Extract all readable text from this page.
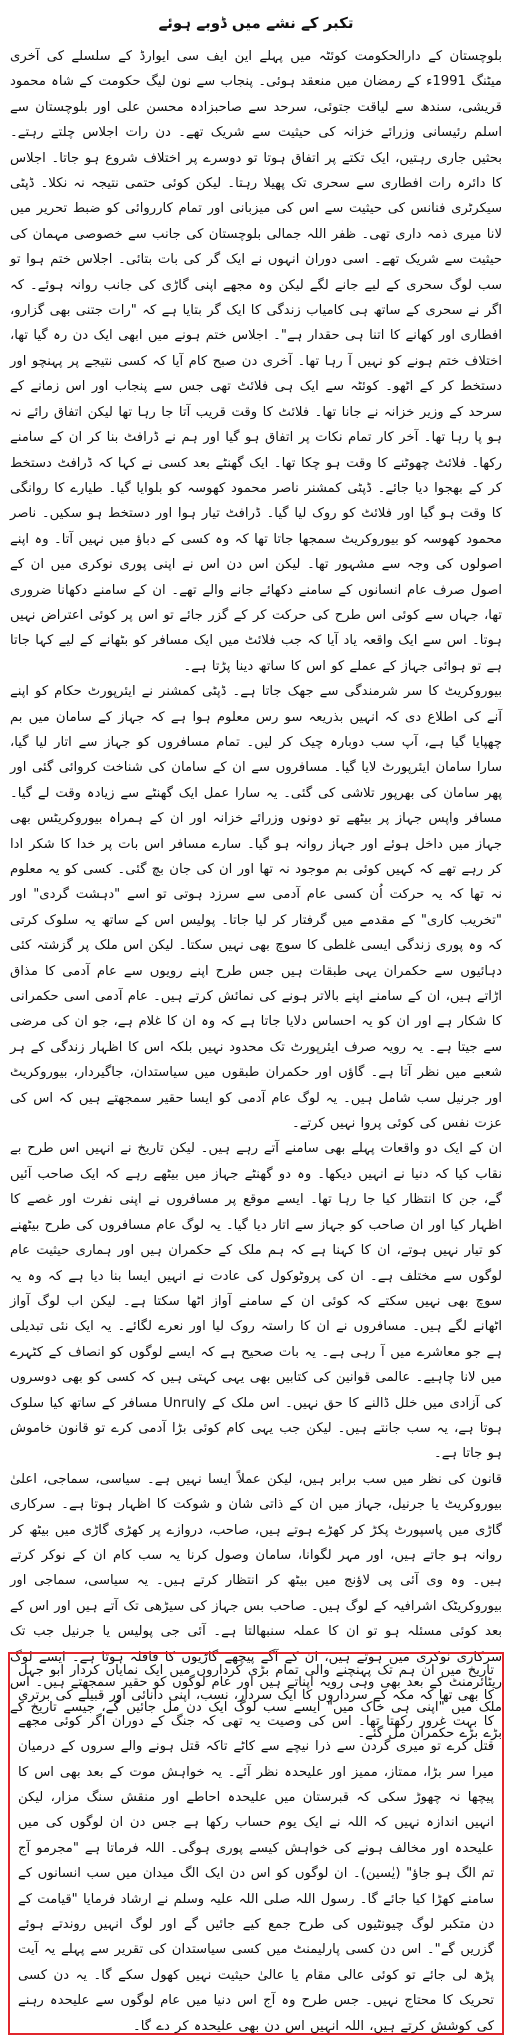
تکبر کے نشے میں ڈوبے ہوئے

بلوچستان کے دارالحکومت کوئٹہ میں پہلے این ایف سی ایوارڈ کے سلسلے کی آخری میٹنگ 1991ء کے رمضان میں منعقد ہوئی۔ پنجاب سے نون لیگ حکومت کے شاہ محمود قریشی، سندھ سے لیاقت جتوئی، سرحد سے صاحبزادہ محسن علی اور بلوچستان سے اسلم رئیسانی وزرائے خزانہ کی حیثیت سے شریک تھے۔ دن رات اجلاس چلتے رہتے۔ بحثیں جاری رہتیں، ایک تکتے پر اتفاق ہوتا تو دوسرے پر اختلاف شروع ہو جاتا۔ اجلاس کا دائرہ رات افطاری سے سحری تک پھیلا رہتا۔ لیکن کوئی حتمی نتیجہ نہ نکلا۔ ڈپٹی سیکرٹری فنانس کی حیثیت سے اس کی میزبانی اور تمام کارروائی کو ضبط تحریر میں لانا میری ذمہ داری تھی۔ ظفر اللہ جمالی بلوچستان کی جانب سے خصوصی مہمان کی حیثیت سے شریک تھے۔ اسی دوران انہوں نے ایک گر کی بات بتائی۔ اجلاس ختم ہوا تو سب لوگ سحری کے لیے جانے لگے لیکن وہ مجھے اپنی گاڑی کی جانب روانہ ہوئے۔ کہ اگر نے سحری کے ساتھ ہی کامیاب زندگی کا ایک گر بتایا ہے کہ "رات جتنی بھی گزارو، افطاری اور کھانے کا اتنا ہی حقدار ہے"۔ اجلاس ختم ہونے میں ابھی ایک دن رہ گیا تھا، اختلاف ختم ہونے کو نہیں آ رہا تھا۔ آخری دن صبح کام آیا کہ کسی نتیجے پر پہنچو اور دستخط کر کے اٹھو۔ کوئٹہ سے ایک ہی فلائٹ تھی جس سے پنجاب اور اس زمانے کے سرحد کے وزیر خزانہ نے جانا تھا۔ فلائٹ کا وقت قریب آتا جا رہا تھا لیکن اتفاق رائے نہ ہو پا رہا تھا۔ آخر کار تمام نکات پر اتفاق ہو گیا اور ہم نے ڈرافٹ بنا کر ان کے سامنے رکھا۔ فلائٹ چھوٹنے کا وقت ہو چکا تھا۔ ایک گھنٹے بعد کسی نے کہا کہ ڈرافٹ دستخط کر کے بھجوا دیا جائے۔ ڈپٹی کمشنر ناصر محمود کھوسہ کو بلوایا گیا۔ طیارے کا روانگی کا وقت ہو گیا اور فلائٹ کو روک لیا گیا۔ ڈرافٹ تیار ہوا اور دستخط ہو سکیں۔ ناصر محمود کھوسہ کو بیوروکریٹ سمجھا جاتا تھا کہ وہ کسی کے دباؤ میں نہیں آتا۔ وہ اپنے اصولوں کی وجہ سے مشہور تھا۔ لیکن اس دن اس نے اپنی پوری نوکری میں ان کے اصول صرف عام انسانوں کے سامنے دکھائے جانے والے تھے۔ ان کے سامنے دکھانا ضروری تھا، جہاں سے کوئی اس طرح کی حرکت کر کے گزر جائے تو اس پر کوئی اعتراض نہیں ہوتا۔ اس سے ایک واقعہ یاد آیا کہ جب فلائٹ میں ایک مسافر کو بٹھانے کے لیے کہا جاتا ہے تو ہوائی جہاز کے عملے کو اس کا ساتھ دینا پڑتا ہے۔

بیوروکریٹ کا سر شرمندگی سے جھک جاتا ہے۔ ڈپٹی کمشنر نے ایئرپورٹ حکام کو اپنے آنے کی اطلاع دی کہ انہیں بذریعہ سو رس معلوم ہوا ہے کہ جہاز کے سامان میں بم چھپایا گیا ہے، آپ سب دوبارہ چیک کر لیں۔ تمام مسافروں کو جہاز سے اتار لیا گیا، سارا سامان ایئرپورٹ لایا گیا۔ مسافروں سے ان کے سامان کی شناخت کروائی گئی اور پھر سامان کی بھرپور تلاشی کی گئی۔ یہ سارا عمل ایک گھنٹے سے زیادہ وقت لے گیا۔ مسافر واپس جہاز پر بیٹھے تو دونوں وزرائے خزانہ اور ان کے ہمراہ بیوروکریٹس بھی جہاز میں داخل ہوئے اور جہاز روانہ ہو گیا۔ سارے مسافر اس بات پر خدا کا شکر ادا کر رہے تھے کہ کہیں کوئی بم موجود نہ تھا اور ان کی جان بچ گئی۔ کسی کو یہ معلوم نہ تھا کہ یہ حرکت اُن کسی عام آدمی سے سرزد ہوتی تو اسے "دہشت گردی" اور "تخریب کاری" کے مقدمے میں گرفتار کر لیا جاتا۔ پولیس اس کے ساتھ یہ سلوک کرتی کہ وہ پوری زندگی ایسی غلطی کا سوچ بھی نہیں سکتا۔ لیکن اس ملک پر گزشتہ کئی دہائیوں سے حکمران یہی طبقات ہیں جس طرح اپنے رویوں سے عام آدمی کا مذاق اڑاتے ہیں، ان کے سامنے اپنے بالاتر ہونے کی نمائش کرتے ہیں۔ عام آدمی اسی حکمرانی کا شکار ہے اور ان کو یہ احساس دلایا جاتا ہے کہ وہ ان کا غلام ہے، جو ان کی مرضی سے جیتا ہے۔ یہ رویہ صرف ایئرپورٹ تک محدود نہیں بلکہ اس کا اظہار زندگی کے ہر شعبے میں نظر آتا ہے۔ گاؤں اور حکمران طبقوں میں سیاستدان، جاگیردار، بیوروکریٹ اور جرنیل سب شامل ہیں۔ یہ لوگ عام آدمی کو ایسا حقیر سمجھتے ہیں کہ اس کی عزت نفس کی کوئی پروا نہیں کرتے۔

ان کے ایک دو واقعات پہلے بھی سامنے آتے رہے ہیں۔ لیکن تاریخ نے انہیں اس طرح بے نقاب کیا کہ دنیا نے انہیں دیکھا۔ وہ دو گھنٹے جہاز میں بیٹھے رہے کہ ایک صاحب آئیں گے، جن کا انتظار کیا جا رہا تھا۔ ایسے موقع پر مسافروں نے اپنی نفرت اور غصے کا اظہار کیا اور ان صاحب کو جہاز سے اتار دیا گیا۔ یہ لوگ عام مسافروں کی طرح بیٹھنے کو تیار نہیں ہوتے، ان کا کہنا ہے کہ ہم ملک کے حکمران ہیں اور ہماری حیثیت عام لوگوں سے مختلف ہے۔ ان کی پروٹوکول کی عادت نے انہیں ایسا بنا دیا ہے کہ وہ یہ سوچ بھی نہیں سکتے کہ کوئی ان کے سامنے آواز اٹھا سکتا ہے۔ لیکن اب لوگ آواز اٹھانے لگے ہیں۔ مسافروں نے ان کا راستہ روک لیا اور نعرے لگائے۔ یہ ایک نئی تبدیلی ہے جو معاشرے میں آ رہی ہے۔ یہ بات صحیح ہے کہ ایسے لوگوں کو انصاف کے کٹہرے میں لانا چاہیے۔ عالمی قوانین کی کتابیں بھی یہی کہتی ہیں کہ کسی کو بھی دوسروں کی آزادی میں خلل ڈالنے کا حق نہیں۔ اس ملک کے Unruly مسافر کے ساتھ کیا سلوک ہوتا ہے، یہ سب جانتے ہیں۔ لیکن جب یہی کام کوئی بڑا آدمی کرے تو قانون خاموش ہو جاتا ہے۔

قانون کی نظر میں سب برابر ہیں، لیکن عملاً ایسا نہیں ہے۔ سیاسی، سماجی، اعلیٰ بیوروکریٹ یا جرنیل، جہاز میں ان کے ذاتی شان و شوکت کا اظہار ہوتا ہے۔ سرکاری گاڑی میں پاسپورٹ پکڑ کر کھڑے ہوتے ہیں، صاحب، دروازے پر کھڑی گاڑی میں بیٹھ کر روانہ ہو جاتے ہیں، اور مہر لگوانا، سامان وصول کرنا یہ سب کام ان کے نوکر کرتے ہیں۔ وہ وی آئی پی لاؤنج میں بیٹھ کر انتظار کرتے ہیں۔ یہ سیاسی، سماجی اور بیوروکریٹک اشرافیہ کے لوگ ہیں۔ صاحب بس جہاز کی سیڑھی تک آتے ہیں اور اس کے بعد کوئی مسئلہ ہو تو ان کا عملہ سنبھالتا ہے۔ آئی جی پولیس یا جرنیل جب تک سرکاری نوکری میں ہوتے ہیں، ان کے آگے پیچھے گاڑیوں کا قافلہ ہوتا ہے۔ ایسے لوگ ریٹائرمنٹ کے بعد بھی وہی رویہ اپناتے ہیں اور عام لوگوں کو حقیر سمجھتے ہیں۔ اس ملک میں "اپنی ہی خاک میں" ایسے سب لوگ ایک دن مل جائیں گے، جیسے تاریخ کے بڑے بڑے حکمران مل گئے۔

تاریخ میں ان ہم تک پہنچنے والی تمام بڑی کرداروں میں ایک نمایاں کردار ابو جہل کا بھی تھا کہ مکہ کے سرداروں کا ایک سردار، نسب، اپنی دانائی اور قبیلے کی برتری کا بہت غرور رکھتا تھا۔ اس کی وصیت یہ تھی کہ جنگ کے دوران اگر کوئی مجھے قتل کرے تو میری گردن سے ذرا نیچے سے کاٹے تاکہ قتل ہونے والے سروں کے درمیان میرا سر بڑا، ممتاز، ممیز اور علیحدہ نظر آئے۔ یہ خواہش موت کے بعد بھی اس کا پیچھا نہ چھوڑ سکی کہ قبرستان میں علیحدہ احاطے اور منقش سنگ مزار، لیکن انہیں اندازہ نہیں کہ اللہ نے ایک یوم حساب رکھا ہے جس دن ان لوگوں کی میں علیحدہ اور مخالف ہونے کی خواہش کیسے پوری ہوگی۔ اللہ فرماتا ہے "مجرمو آج تم الگ ہو جاؤ" (یٰسین)۔ ان لوگوں کو اس دن ایک الگ میدان میں سب انسانوں کے سامنے کھڑا کیا جائے گا۔ رسول اللہ صلی اللہ علیہ وسلم نے ارشاد فرمایا "قیامت کے دن متکبر لوگ چیونٹیوں کی طرح جمع کیے جائیں گے اور لوگ انہیں روندتے ہوئے گزریں گے"۔ اس دن کسی پارلیمنٹ میں کسی سیاستدان کی تقریر سے پہلے یہ آیت پڑھ لی جائے تو کوئی عالی مقام یا عالیٰ حیثیت نہیں کھول سکے گا۔ یہ دن کسی تحریک کا محتاج نہیں۔ جس طرح وہ آج اس دنیا میں عام لوگوں سے علیحدہ رہنے کی کوشش کرتے ہیں، اللہ انہیں اس دن بھی علیحدہ کر دے گا۔
